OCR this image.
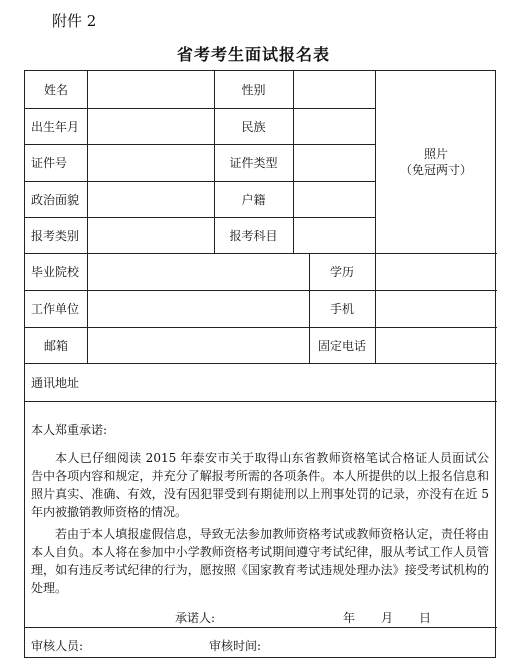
附件 2
省考考生面试报名表
姓名	性别
出生年月	民族
证件号	证件类型
政治面貌	户籍
报考类别	报考科目
照片
（免冠两寸）
毕业院校	学历
工作单位	手机
邮箱	固定电话
通讯地址
本人郑重承诺:

本人已仔细阅读 2015 年泰安市关于取得山东省教师资格笔试合格证人员面试公告中各项内容和规定，并充分了解报考所需的各项条件。本人所提供的以上报名信息和照片真实、准确、有效，没有因犯罪受到有期徒刑以上刑事处罚的记录，亦没有在近 5 年内被撤销教师资格的情况。

若由于本人填报虚假信息，导致无法参加教师资格考试或教师资格认定，责任将由本人自负。本人将在参加中小学教师资格考试期间遵守考试纪律，服从考试工作人员管理，如有违反考试纪律的行为，愿按照《国家教育考试违规处理办法》接受考试机构的处理。

承诺人:	年 月 日
审核人员:	审核时间:
